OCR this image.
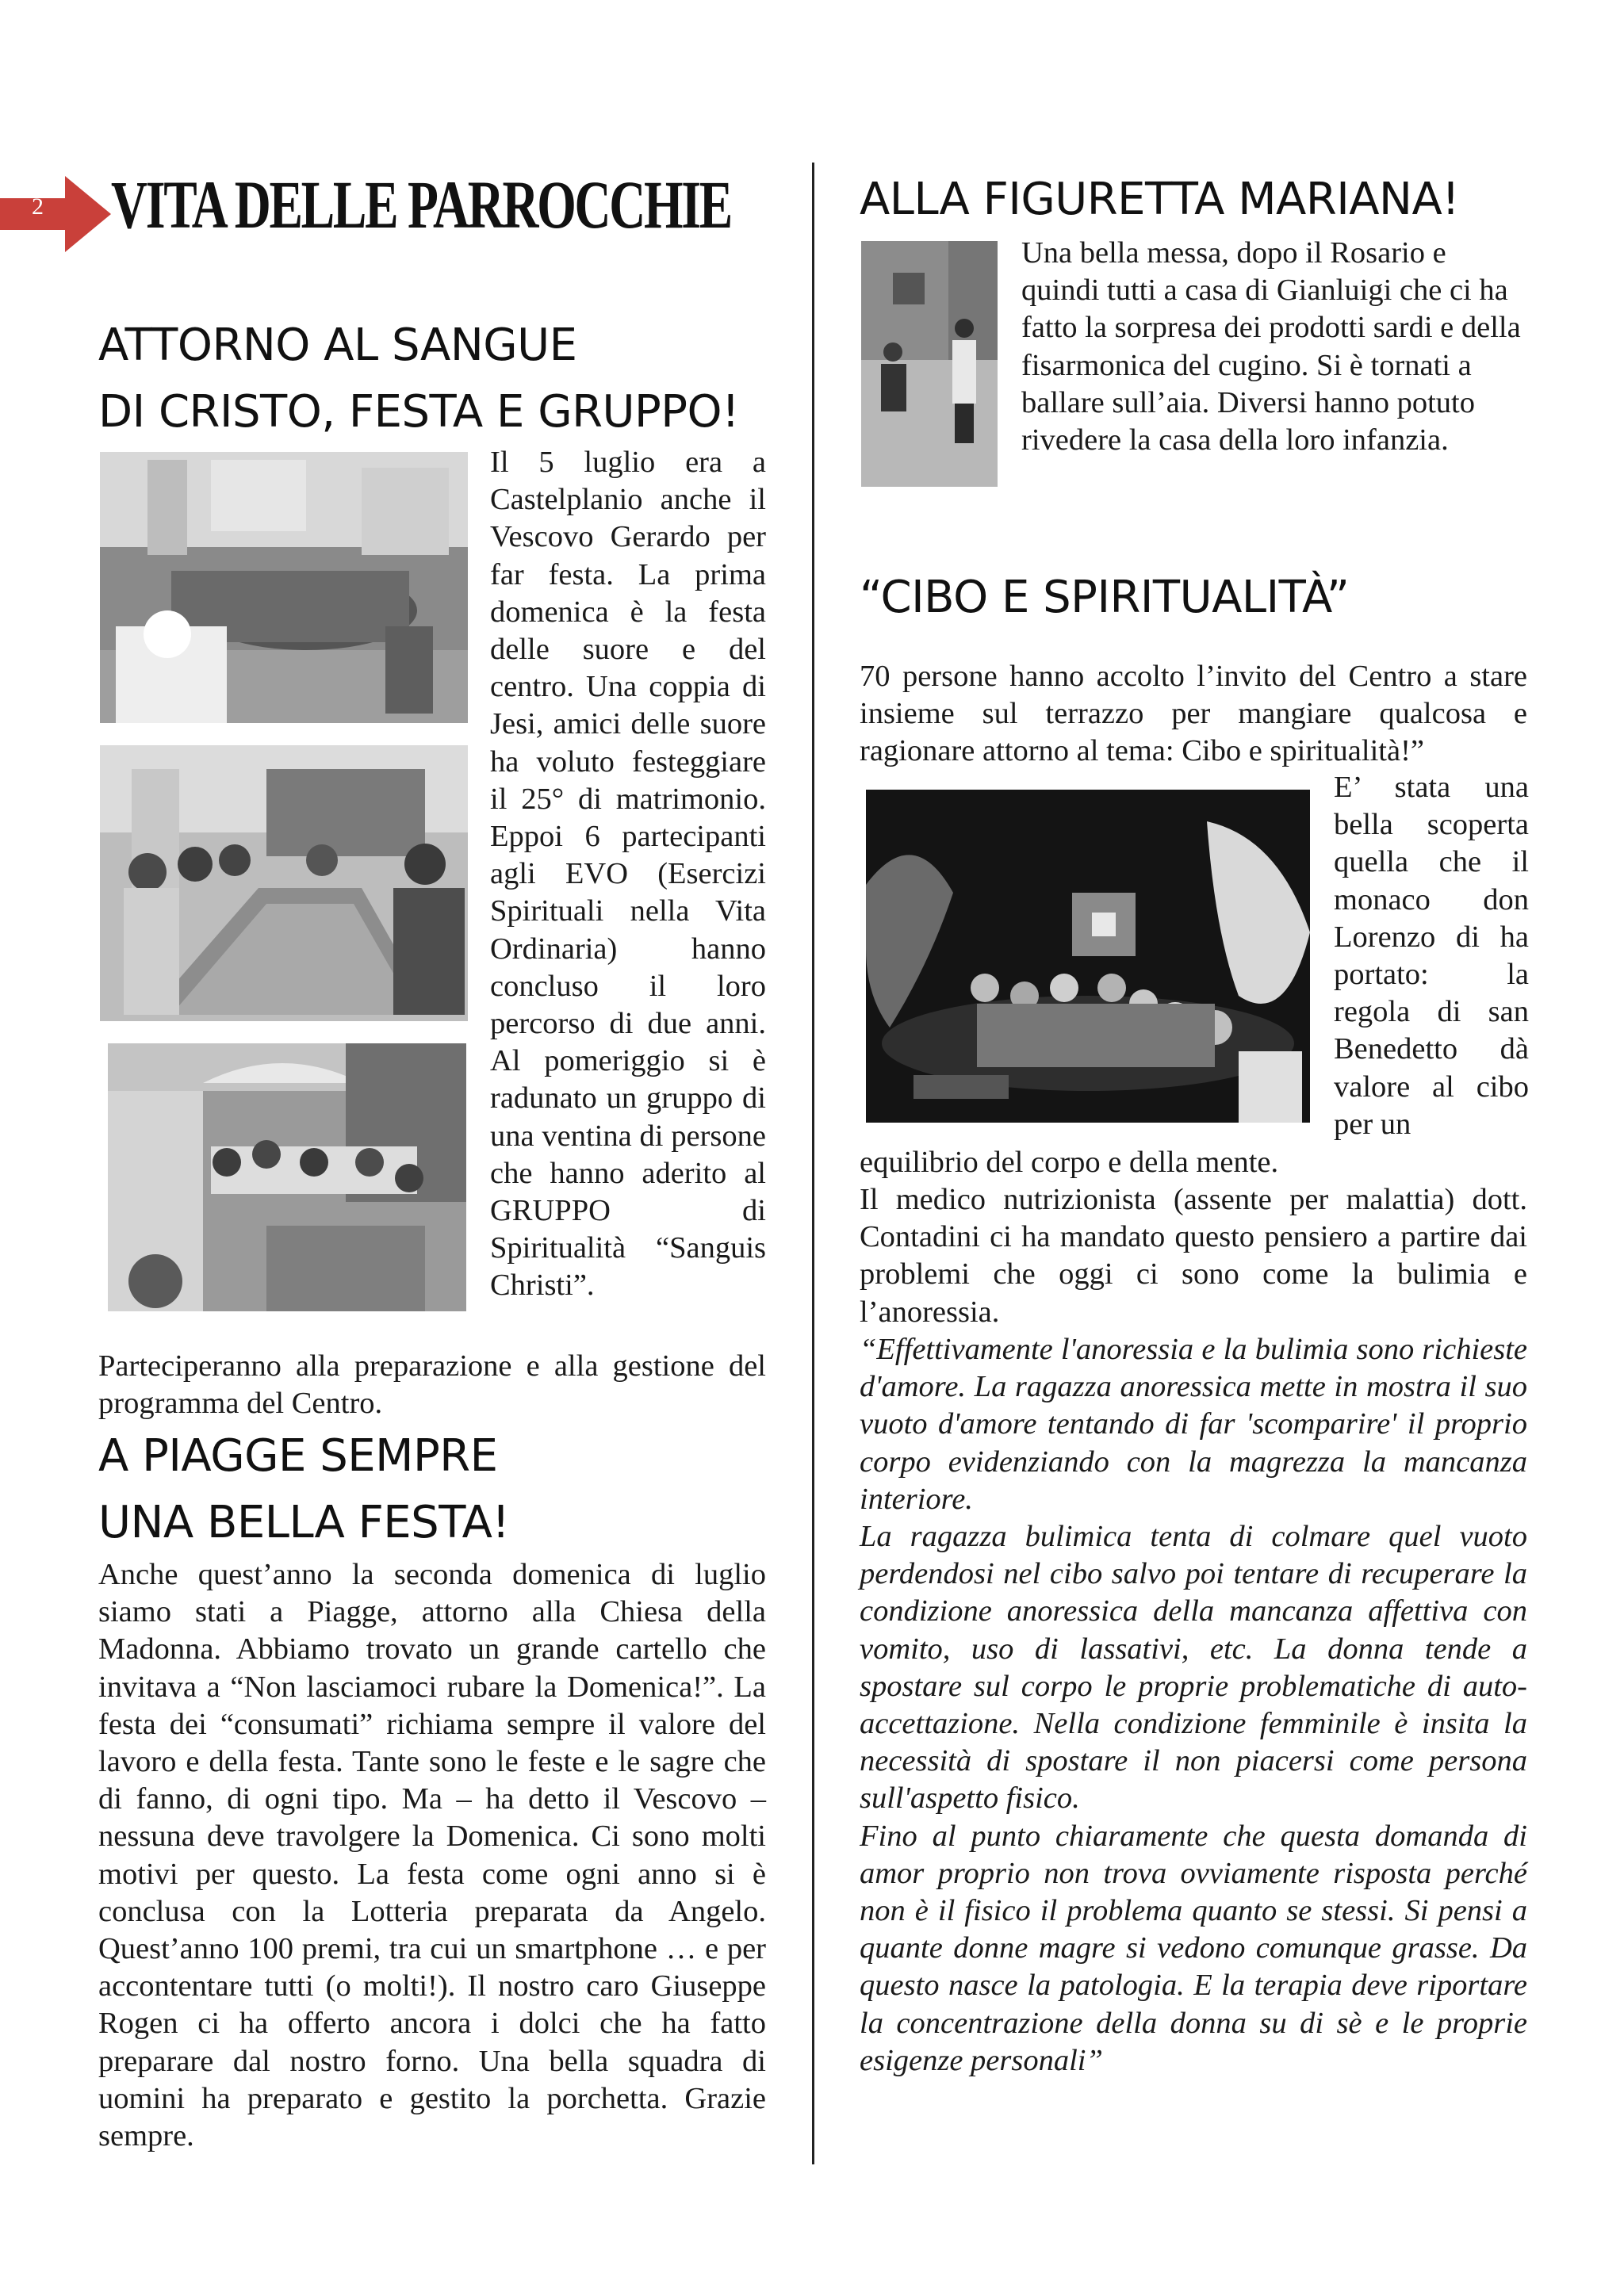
2 VITA DELLE PARROCCHIE
ATTORNO AL SANGUE
DI CRISTO, FESTA E GRUPPO!
Il 5 luglio era a Castelplanio anche il Vescovo Gerardo per far festa. La prima domenica è la festa delle suore e del centro. Una coppia di Jesi, amici delle suore ha voluto festeggiare il 25° di matrimonio. Eppoi 6 partecipanti agli EVO (Esercizi Spirituali nella Vita Ordinaria) hanno concluso il loro percorso di due anni. Al pomeriggio si è radunato un gruppo di una ventina di persone che hanno aderito al GRUPPO di Spiritualità “Sanguis Christi”.
Parteciperanno alla preparazione e alla gestione del programma del Centro.
A PIAGGE SEMPRE
UNA BELLA FESTA!
Anche quest’anno la seconda domenica di luglio siamo stati a Piagge, attorno alla Chiesa della Madonna. Abbiamo trovato un grande cartello che invitava a “Non lasciamoci rubare la Domenica!”. La festa dei “consumati” richiama sempre il valore del lavoro e della festa. Tante sono le feste e le sagre che di fanno, di ogni tipo. Ma – ha detto il Vescovo – nessuna deve travolgere la Domenica. Ci sono molti motivi per questo. La festa come ogni anno si è conclusa con la Lotteria preparata da Angelo. Quest’anno 100 premi, tra cui un smartphone … e per accontentare tutti (o molti!). Il nostro caro Giuseppe Rogen ci ha offerto ancora i dolci che ha fatto preparare dal nostro forno. Una bella squadra di uomini ha preparato e gestito la porchetta. Grazie sempre.
ALLA FIGURETTA MARIANA!
Una bella messa, dopo il Rosario e quindi tutti a casa di Gianluigi che ci ha fatto la sorpresa dei prodotti sardi e della fisarmonica del cugino. Si è tornati a ballare sull’aia. Diversi hanno potuto rivedere la casa della loro infanzia.
“CIBO E SPIRITUALITÀ”
70 persone hanno accolto l’invito del Centro a stare insieme sul terrazzo per mangiare qualcosa e ragionare attorno al tema: Cibo e spiritualità!”
E’ stata una bella scoperta quella che il monaco don Lorenzo di ha portato: la regola di san Benedetto dà valore al cibo per un
equilibrio del corpo e della mente.
Il medico nutrizionista (assente per malattia) dott. Contadini ci ha mandato questo pensiero a partire dai problemi che oggi ci sono come la bulimia e l’anoressia.

“Effettivamente l'anoressia e la bulimia sono richieste d'amore. La ragazza anoressica mette in mostra il suo vuoto d'amore tentando di far 'scomparire' il proprio corpo evidenziando con la magrezza la mancanza interiore.

La ragazza bulimica tenta di colmare quel vuoto perdendosi nel cibo salvo poi tentare di recuperare la condizione anoressica della mancanza affettiva con vomito, uso di lassativi, etc. La donna tende a spostare sul corpo le proprie problematiche di auto-accettazione. Nella condizione femminile è insita la necessità di spostare il non piacersi come persona sull'aspetto fisico.

Fino al punto chiaramente che questa domanda di amor proprio non trova ovviamente risposta perché non è il fisico il problema quanto se stessi. Si pensi a quante donne magre si vedono comunque grasse. Da questo nasce la patologia. E la terapia deve riportare la concentrazione della donna su di sè e le proprie esigenze personali”
